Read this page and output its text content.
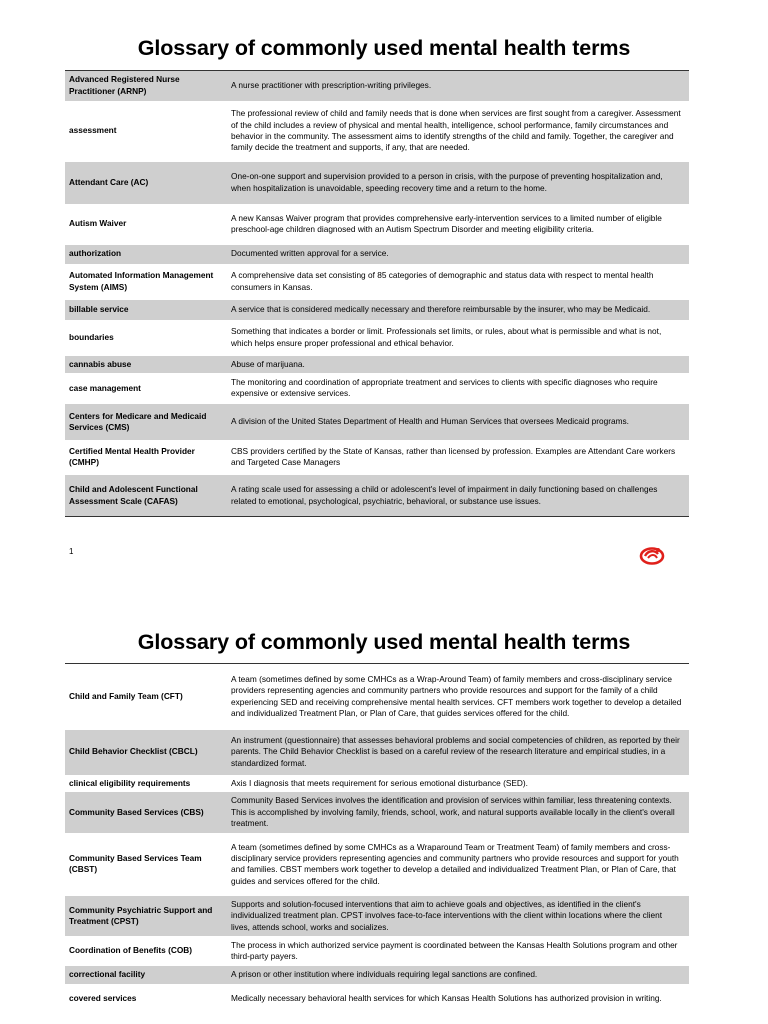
Glossary of commonly used mental health terms
Advanced Registered Nurse Practitioner (ARNP)	A nurse practitioner with prescription-writing privileges.
assessment	The professional review of child and family needs that is done when services are first sought from a caregiver. Assessment of the child includes a review of physical and mental health, intelligence, school performance, family circumstances and behavior in the community. The assessment aims to identify strengths of the child and family. Together, the caregiver and family decide the treatment and supports, if any, that are needed.
Attendant Care (AC)	One-on-one support and supervision provided to a person in crisis, with the purpose of preventing hospitalization and, when hospitalization is unavoidable, speeding recovery time and a return to the home.
Autism Waiver	A new Kansas Waiver program that provides comprehensive early-intervention services to a limited number of eligible preschool-age children diagnosed with an Autism Spectrum Disorder and meeting eligibility criteria.
authorization	Documented written approval for a service.
Automated Information Management System (AIMS)	A comprehensive data set consisting of 85 categories of demographic and status data with respect to mental health consumers in Kansas.
billable service	A service that is considered medically necessary and therefore reimbursable by the insurer, who may be Medicaid.
boundaries	Something that indicates a border or limit. Professionals set limits, or rules, about what is permissible and what is not, which helps ensure proper professional and ethical behavior.
cannabis abuse	Abuse of marijuana.
case management	The monitoring and coordination of appropriate treatment and services to clients with specific diagnoses who require expensive or extensive services.
Centers for Medicare and Medicaid Services (CMS)	A division of the United States Department of Health and Human Services that oversees Medicaid programs.
Certified Mental Health Provider (CMHP)	CBS providers certified by the State of Kansas, rather than licensed by profession. Examples are Attendant Care workers and Targeted Case Managers
Child and Adolescent Functional Assessment Scale (CAFAS)	A rating scale used for assessing a child or adolescent's level of impairment in daily functioning based on challenges related to emotional, psychological, psychiatric, behavioral, or substance use issues.
1
Glossary of commonly used mental health terms
Child and Family Team (CFT)	A team (sometimes defined by some CMHCs as a Wrap-Around Team) of family members and cross-disciplinary service providers representing agencies and community partners who provide resources and support for the family of a child experiencing SED and receiving comprehensive mental health services. CFT members work together to develop a detailed and individualized Treatment Plan, or Plan of Care, that guides services offered for the child.
Child Behavior Checklist (CBCL)	An instrument (questionnaire) that assesses behavioral problems and social competencies of children, as reported by their parents. The Child Behavior Checklist is based on a careful review of the research literature and empirical studies, in a standardized format.
clinical eligibility requirements	Axis I diagnosis that meets requirement for serious emotional disturbance (SED).
Community Based Services (CBS)	Community Based Services involves the identification and provision of services within familiar, less threatening contexts. This is accomplished by involving family, friends, school, work, and natural supports available locally in the client's overall treatment.
Community Based Services Team (CBST)	A team (sometimes defined by some CMHCs as a Wraparound Team or Treatment Team) of family members and cross-disciplinary service providers representing agencies and community partners who provide resources and support for youth and families. CBST members work together to develop a detailed and individualized Treatment Plan, or Plan of Care, that guides and services offered for the child.
Community Psychiatric Support and Treatment (CPST)	Supports and solution-focused interventions that aim to achieve goals and objectives, as identified in the client's individualized treatment plan. CPST involves face-to-face interventions with the client within locations where the client lives, attends school, works and socializes.
Coordination of Benefits (COB)	The process in which authorized service payment is coordinated between the Kansas Health Solutions program and other third-party payers.
correctional facility	A prison or other institution where individuals requiring legal sanctions are confined.
covered services	Medically necessary behavioral health services for which Kansas Health Solutions has authorized provision in writing.
